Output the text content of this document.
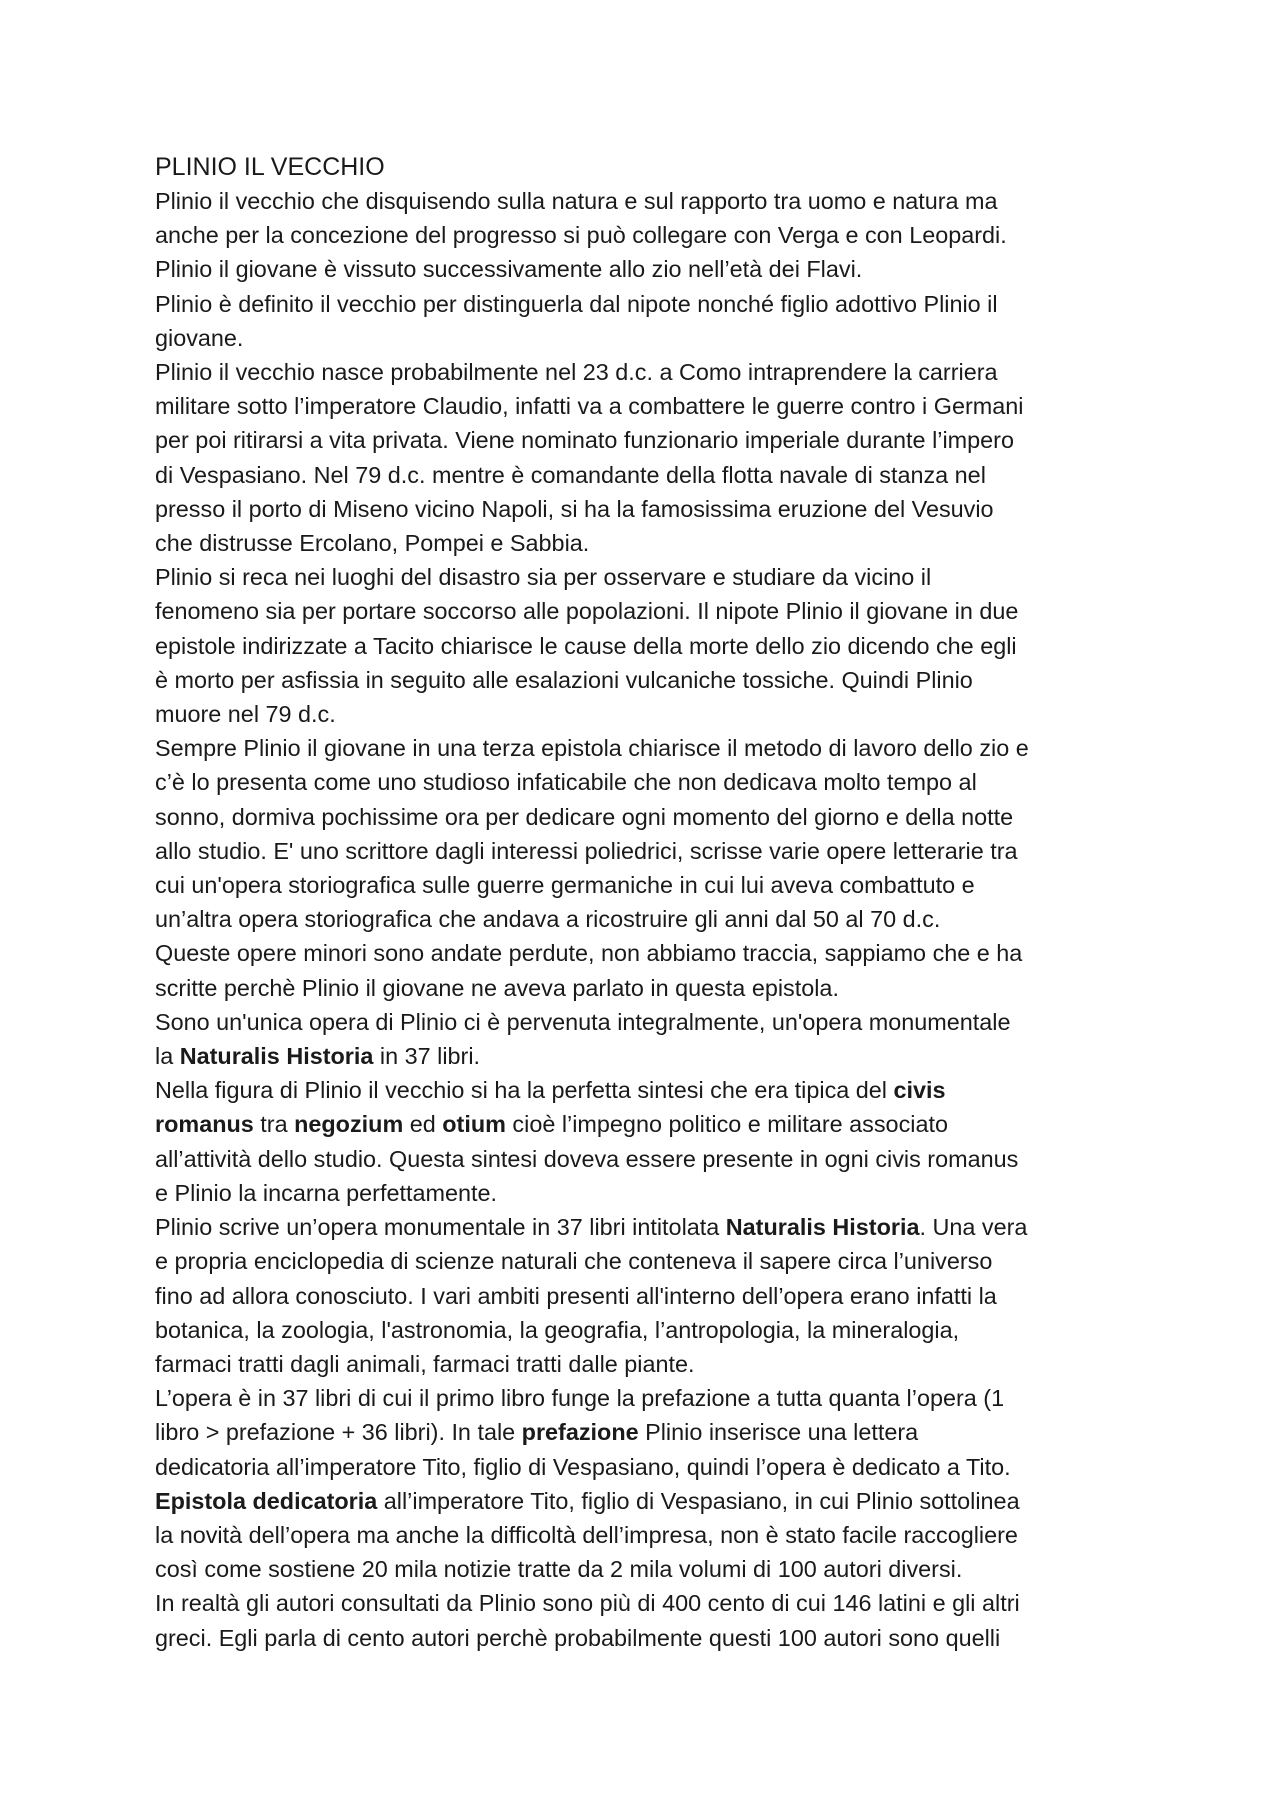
PLINIO IL VECCHIO

Plinio il vecchio che disquisendo sulla natura e sul rapporto tra uomo e natura ma

anche per la concezione del progresso si può collegare con Verga e con Leopardi.

Plinio il giovane è vissuto successivamente allo zio nell’età dei Flavi.

Plinio è definito il vecchio per distinguerla dal nipote nonché figlio adottivo Plinio il

giovane.

Plinio il vecchio nasce probabilmente nel 23 d.c. a Como intraprendere la carriera

militare sotto l’imperatore Claudio, infatti va a combattere le guerre contro i Germani

per poi ritirarsi a vita privata. Viene nominato funzionario imperiale durante l’impero

di Vespasiano. Nel 79 d.c. mentre è comandante della flotta navale di stanza nel

presso il porto di Miseno vicino Napoli, si ha la famosissima eruzione del Vesuvio

che distrusse Ercolano, Pompei e Sabbia.

Plinio si reca nei luoghi del disastro sia per osservare e studiare da vicino il

fenomeno sia per portare soccorso alle popolazioni. Il nipote Plinio il giovane in due

epistole indirizzate a Tacito chiarisce le cause della morte dello zio dicendo che egli

è morto per asfissia in seguito alle esalazioni vulcaniche tossiche. Quindi Plinio

muore nel 79 d.c.

Sempre Plinio il giovane in una terza epistola chiarisce il metodo di lavoro dello zio e

c’è lo presenta come uno studioso infaticabile che non dedicava molto tempo al

sonno, dormiva pochissime ora per dedicare ogni momento del giorno e della notte

allo studio. E' uno scrittore dagli interessi poliedrici, scrisse varie opere letterarie tra

cui un'opera storiografica sulle guerre germaniche in cui lui aveva combattuto e

un’altra opera storiografica che andava a ricostruire gli anni dal 50 al 70 d.c.

Queste opere minori sono andate perdute, non abbiamo traccia, sappiamo che e ha

scritte perchè Plinio il giovane ne aveva parlato in questa epistola.

Sono un'unica opera di Plinio ci è pervenuta integralmente, un'opera monumentale

la Naturalis Historia in 37 libri.

Nella figura di Plinio il vecchio si ha la perfetta sintesi che era tipica del civis

romanus tra negozium ed otium cioè l’impegno politico e militare associato

all’attività dello studio. Questa sintesi doveva essere presente in ogni civis romanus

e Plinio la incarna perfettamente.

Plinio scrive un’opera monumentale in 37 libri intitolata Naturalis Historia. Una vera

e propria enciclopedia di scienze naturali che conteneva il sapere circa l’universo

fino ad allora conosciuto. I vari ambiti presenti all'interno dell’opera erano infatti la

botanica, la zoologia, l'astronomia, la geografia, l’antropologia, la mineralogia,

farmaci tratti dagli animali, farmaci tratti dalle piante.

L’opera è in 37 libri di cui il primo libro funge la prefazione a tutta quanta l’opera (1

libro > prefazione + 36 libri). In tale prefazione Plinio inserisce una lettera

dedicatoria all’imperatore Tito, figlio di Vespasiano, quindi l’opera è dedicato a Tito.

Epistola dedicatoria all’imperatore Tito, figlio di Vespasiano, in cui Plinio sottolinea

la novità dell’opera ma anche la difficoltà dell’impresa, non è stato facile raccogliere

così come sostiene 20 mila notizie tratte da 2 mila volumi di 100 autori diversi.

In realtà gli autori consultati da Plinio sono più di 400 cento di cui 146 latini e gli altri

greci. Egli parla di cento autori perchè probabilmente questi 100 autori sono quelli
